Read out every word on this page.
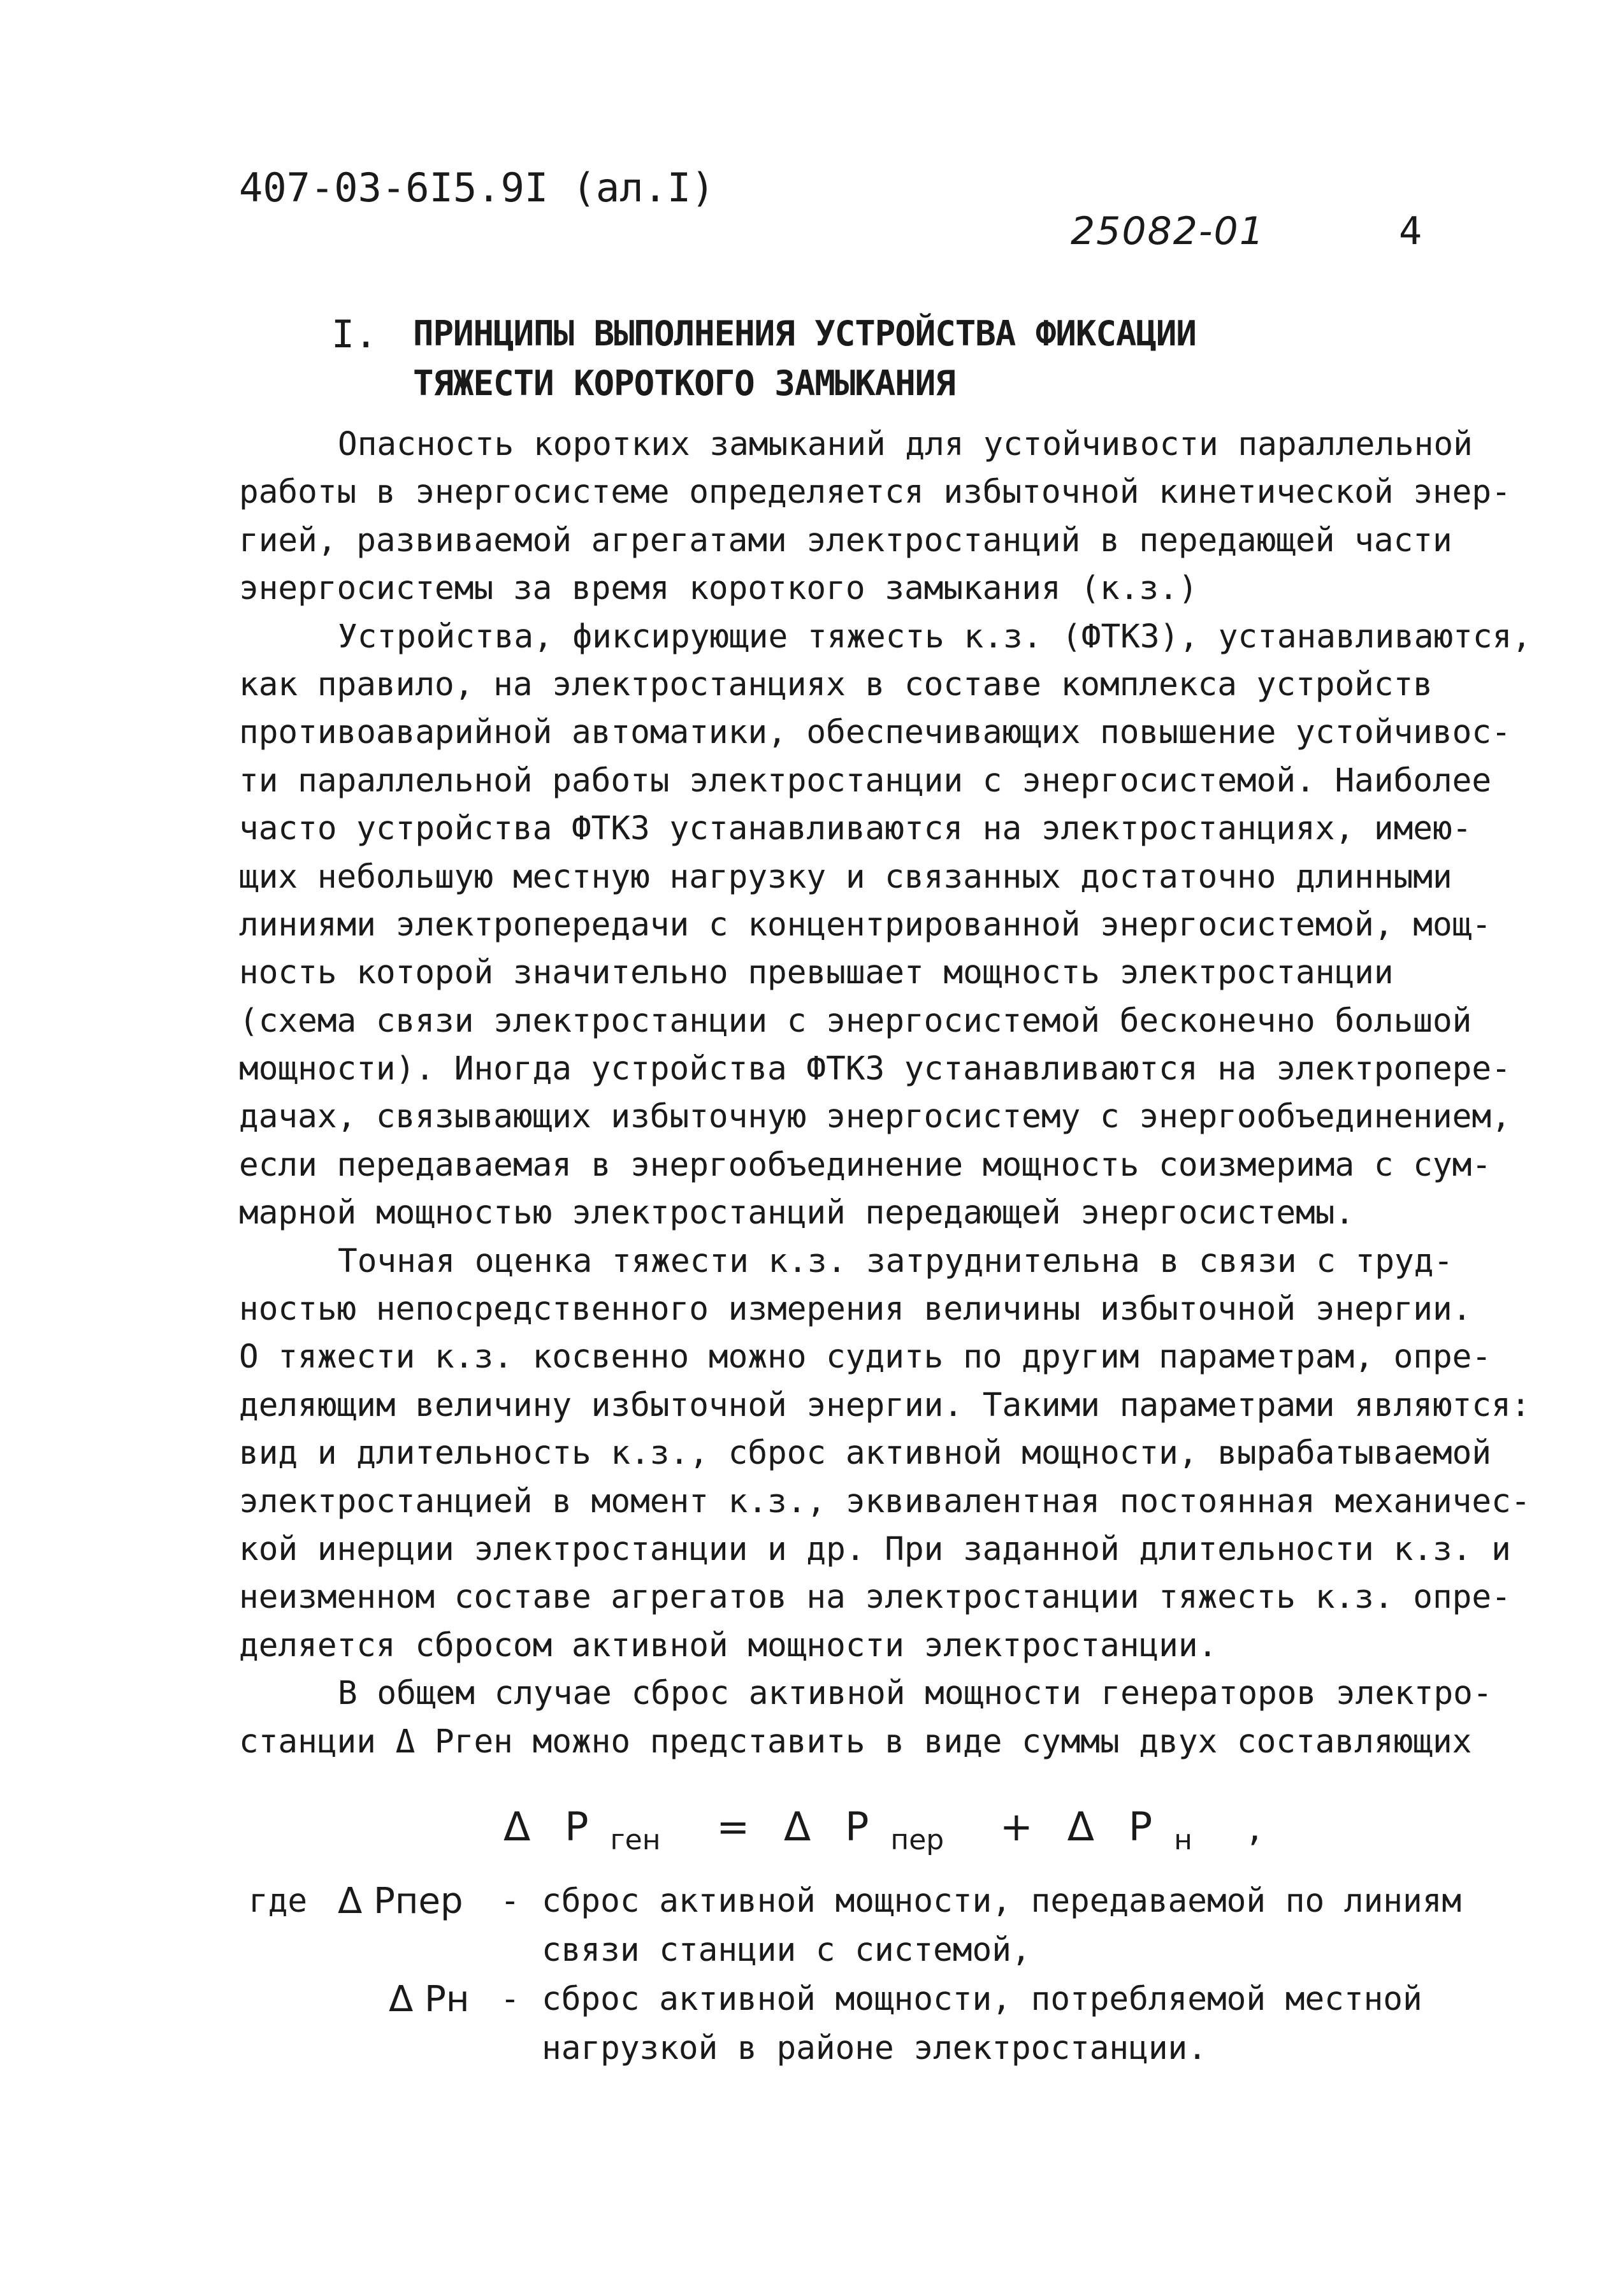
407-03-6I5.9I (ал.I)
25082-01	4
I. ПРИНЦИПЫ ВЫПОЛНЕНИЯ УСТРОЙСТВА ФИКСАЦИИ
ТЯЖЕСТИ КОРОТКОГО ЗАМЫКАНИЯ
Опасность коротких замыканий для устойчивости параллельной
работы в энергосистеме определяется избыточной кинетической энер-
гией, развиваемой агрегатами электростанций в передающей части
энергосистемы за время короткого замыкания (к.з.)
Устройства, фиксирующие тяжесть к.з. (ФТКЗ), устанавливаются,
как правило, на электростанциях в составе комплекса устройств
противоаварийной автоматики, обеспечивающих повышение устойчивос-
ти параллельной работы электростанции с энергосистемой. Наиболее
часто устройства ФТКЗ устанавливаются на электростанциях, имею-
щих небольшую местную нагрузку и связанных достаточно длинными
линиями электропередачи с концентрированной энергосистемой, мощ-
ность которой значительно превышает мощность электростанции
(схема связи электростанции с энергосистемой бесконечно большой
мощности). Иногда устройства ФТКЗ устанавливаются на электропере-
дачах, связывающих избыточную энергосистему с энергообъединением,
если передаваемая в энергообъединение мощность соизмерима с сум-
марной мощностью электростанций передающей энергосистемы.
Точная оценка тяжести к.з. затруднительна в связи с труд-
ностью непосредственного измерения величины избыточной энергии.
О тяжести к.з. косвенно можно судить по другим параметрам, опре-
деляющим величину избыточной энергии. Такими параметрами являются:
вид и длительность к.з., сброс активной мощности, вырабатываемой
электростанцией в момент к.з., эквивалентная постоянная механичес-
кой инерции электростанции и др. При заданной длительности к.з. и
неизменном составе агрегатов на электростанции тяжесть к.з. опре-
деляется сбросом активной мощности электростанции.
В общем случае сброс активной мощности генераторов электро-
станции Δ Pген можно представить в виде суммы двух составляющих
Δ P ген = Δ P пер + Δ P н ,
где Δ Pпер - сброс активной мощности, передаваемой по линиям
связи станции с системой,
Δ Pн - сброс активной мощности, потребляемой местной
нагрузкой в районе электростанции.
